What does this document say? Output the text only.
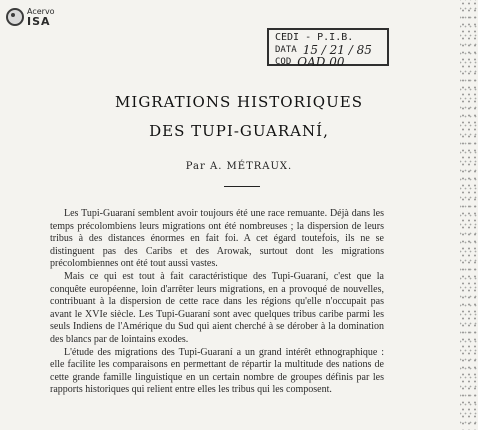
Acervo
ISA
CEDI - P.I.B.
DATA 15 / 21 / 85
COD OAD 00
MIGRATIONS HISTORIQUES
DES TUPI-GUARANÍ,
Par A. MÉTRAUX.

Les Tupi-Guaraní semblent avoir toujours été une race remuante. Déjà dans les temps précolombiens leurs migrations ont été nombreuses ; la dispersion de leurs tribus à des distances énormes en fait foi. A cet égard toutefois, ils ne se distinguent pas des Caribs et des Arowak, surtout dont les migrations précolombiennes ont été tout aussi vastes.

Mais ce qui est tout à fait caractéristique des Tupi-Guaraní, c'est que la conquête européenne, loin d'arrêter leurs migrations, en a provoqué de nouvelles, contribuant à la dispersion de cette race dans les régions qu'elle n'occupait pas avant le XVIe siècle. Les Tupi-Guaraní sont avec quelques tribus caribe parmi les seuls Indiens de l'Amérique du Sud qui aient cherché à se dérober à la domination des blancs par de lointains exodes.

L'étude des migrations des Tupi-Guaraní a un grand intérêt ethnographique : elle facilite les comparaisons en permettant de répartir la multitude des nations de cette grande famille linguistique en un certain nombre de groupes définis par les rapports historiques qui relient entre elles les tribus qui les composent.
